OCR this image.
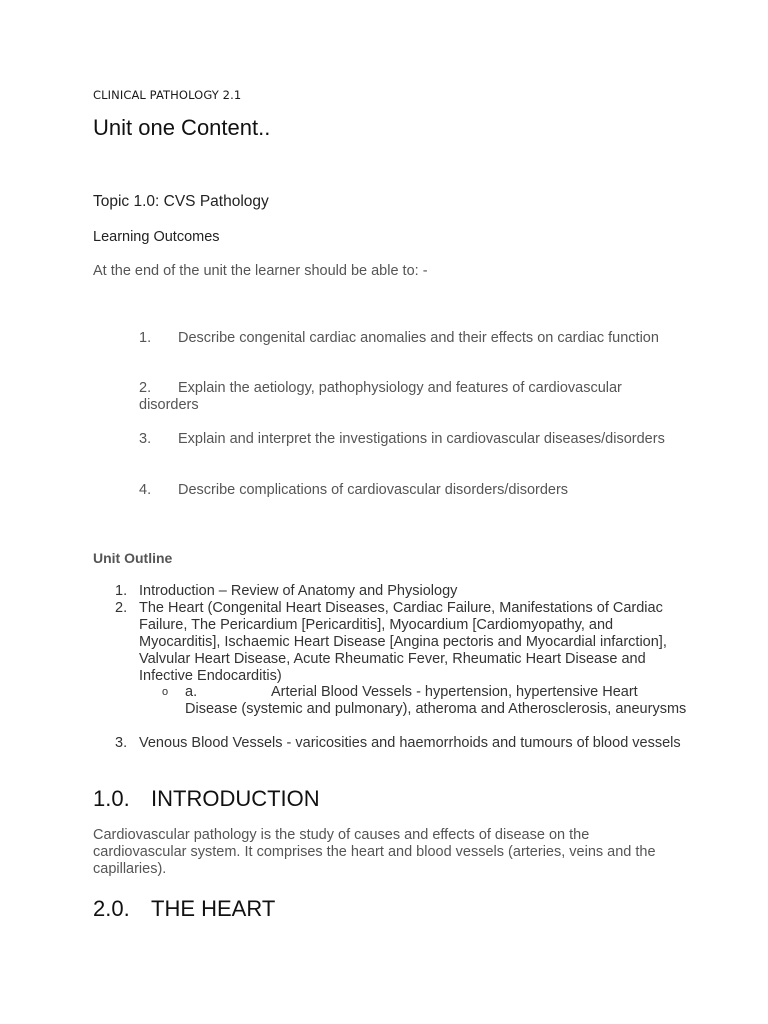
CLINICAL PATHOLOGY 2.1

Unit one Content..
Topic 1.0: CVS Pathology
Learning Outcomes

At the end of the unit the learner should be able to: -

1. Describe congenital cardiac anomalies and their effects on cardiac function
2. Explain the aetiology, pathophysiology and features of cardiovascular disorders
3. Explain and interpret the investigations in cardiovascular diseases/disorders
4. Describe complications of cardiovascular disorders/disorders
Unit Outline
1. Introduction – Review of Anatomy and Physiology
2. The Heart (Congenital Heart Diseases, Cardiac Failure, Manifestations of Cardiac Failure, The Pericardium [Pericarditis], Myocardium [Cardiomyopathy, and Myocarditis], Ischaemic Heart Disease [Angina pectoris and Myocardial infarction], Valvular Heart Disease, Acute Rheumatic Fever, Rheumatic Heart Disease and Infective Endocarditis)
o a.	Arterial Blood Vessels - hypertension, hypertensive Heart Disease (systemic and pulmonary), atheroma and Atherosclerosis, aneurysms
3. Venous Blood Vessels - varicosities and haemorrhoids and tumours of blood vessels
1.0. INTRODUCTION

Cardiovascular pathology is the study of causes and effects of disease on the cardiovascular system. It comprises the heart and blood vessels (arteries, veins and the capillaries).

2.0. THE HEART
